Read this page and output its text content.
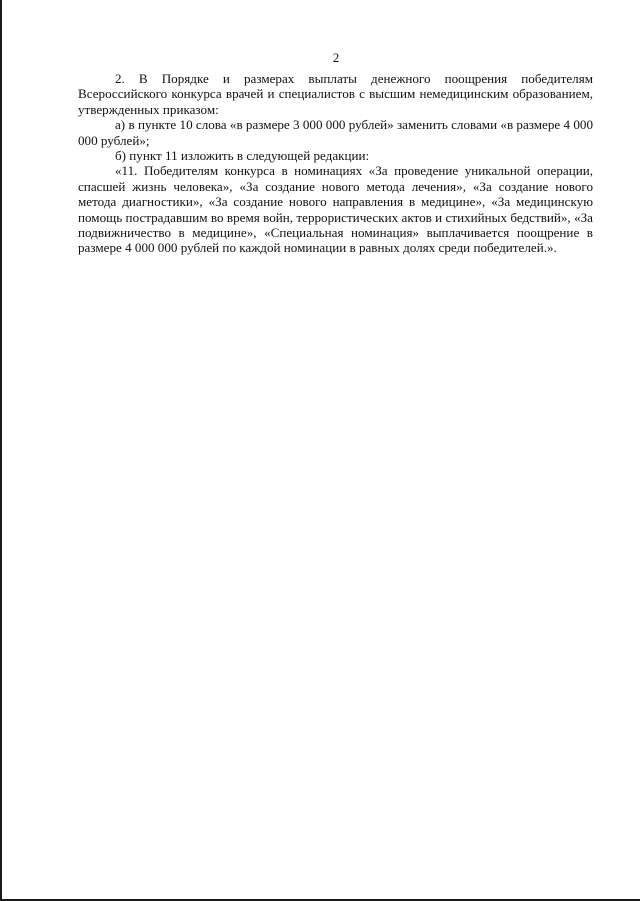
2

2. В Порядке и размерах выплаты денежного поощрения победителям Всероссийского конкурса врачей и специалистов с высшим немедицинским образованием, утвержденных приказом:

а) в пункте 10 слова «в размере 3 000 000 рублей» заменить словами «в размере 4 000 000 рублей»;

б) пункт 11 изложить в следующей редакции:

«11. Победителям конкурса в номинациях «За проведение уникальной операции, спасшей жизнь человека», «За создание нового метода лечения», «За создание нового метода диагностики», «За создание нового направления в медицине», «За медицинскую помощь пострадавшим во время войн, террористических актов и стихийных бедствий», «За подвижничество в медицине», «Специальная номинация» выплачивается поощрение в размере 4 000 000 рублей по каждой номинации в равных долях среди победителей.».
